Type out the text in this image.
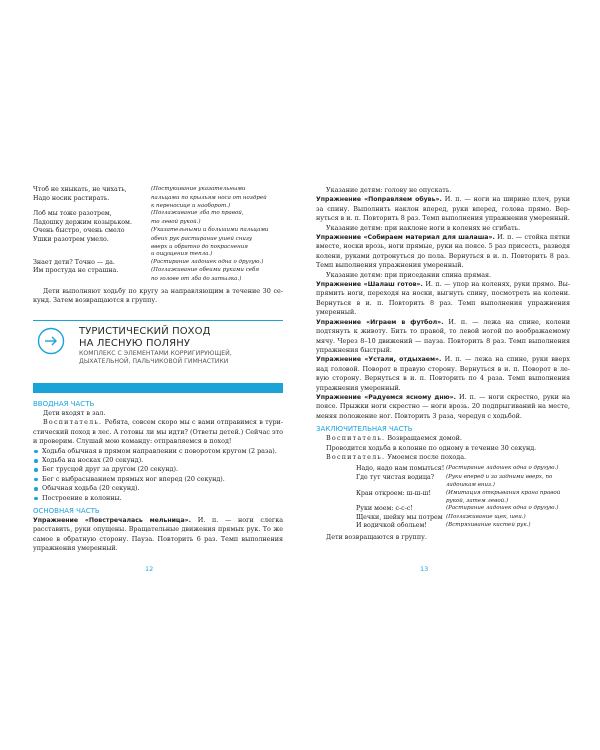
Чтоб не хныкать, не чихать,	(Постукивание указательными
Надо носик растирать.	пальцами по крыльям носа от ноздрей
к переносице и наоборот.)
Лоб мы тоже разотрем,	(Поглаживание лба то правой,
Ладошку держим козырьком.	то левой рукой.)
Очень быстро, очень смело	(Указательными и большими пальцами
Ушки разотрем умело.	обеих рук растирание ушей снизу
вверх и обратно до покраснения
и ощущения тепла.)
Знает дети? Точно — да.	(Растирание ладошек одна о другую.)
Им простуда не страшна.	(Поглаживание обеими руками себя
по голове от лба до затылка.)

Дети выполняют ходьбу по кругу за направляющим в течение 30 секунд. Затем возвращаются в группу.

ТУРИСТИЧЕСКИЙ ПОХОД
НА ЛЕСНУЮ ПОЛЯНУ
КОМПЛЕКС С ЭЛЕМЕНТАМИ КОРРИГИРУЮЩЕЙ,
ДЫХАТЕЛЬНОЙ, ПАЛЬЧИКОВОЙ ГИМНАСТИКИ
Методика проведения

ВВОДНАЯ ЧАСТЬ

Дети входят в зал.

Воспитатель. Ребята, совсем скоро мы с вами отправимся в туристический поход в лес. А готовы ли мы идти? (Ответы детей.) Сейчас это и проверим. Слушай мою команду: отправляемся в поход!

Ходьба обычная в прямом направлении с поворотом кругом (2 раза).
Ходьба на носках (20 секунд).
Бег трусцой друг за другом (20 секунд).
Бег с выбрасыванием прямых ног вперед (20 секунд).
Обычная ходьба (20 секунд).
Построение в колонны.

ОСНОВНАЯ ЧАСТЬ

Упражнение «Повстречалась мельница». И. п. — ноги слегка расставить, руки опущены. Вращательные движения прямых рук. То же самое в обратную сторону. Пауза. Повторить 6 раз. Темп выполнения упражнения умеренный.

12

Указание детям: голову не опускать.

Упражнение «Поправляем обувь». И. п. — ноги на ширине плеч, руки за спину. Выполнить наклон вперед, руки вперед, голова прямо. Вернуться в и. п. Повторить 8 раз. Темп выполнения упражнения умеренный.

Указание детям: при наклоне ноги в коленях не сгибать.

Упражнение «Собираем материал для шалаша». И. п. — стойка пятки вместе, носки врозь, ноги прямые, руки на поясе. 5 раз присесть, разводя колени, руками дотронуться до пола. Вернуться в и. п. Повторить 8 раз. Темп выполнения упражнения умеренный.

Указание детям: при приседании спина прямая.

Упражнение «Шалаш готов». И. п. — упор на коленях, руки прямо. Выпрямить ноги, переходя на носки, выгнуть спину, посмотреть на колени. Вернуться в и. п. Повторить 8 раз. Темп выполнения упражнения умеренный.

Упражнение «Играем в футбол». И. п. — лежа на спине, колени подтянуть к животу. Бить то правой, то левой ногой по воображаемому мячу. Через 8–10 движений — пауза. Повторить 8 раз. Темп выполнения упражнения быстрый.

Упражнение «Устали, отдыхаем». И. п. — лежа на спине, руки вверх над головой. Поворот в правую сторону. Вернуться в и. п. Поворот в левую сторону. Вернуться в и. п. Повторить по 4 раза. Темп выполнения упражнения умеренный.

Упражнение «Радуемся ясному дню». И. п. — ноги скрестно, руки на поясе. Прыжки ноги скрестно — ноги врозь. 20 подпрыгиваний на месте, меняя положение ног. Повторить 3 раза, чередуя с ходьбой.

ЗАКЛЮЧИТЕЛЬНАЯ ЧАСТЬ

Воспитатель. Возвращаемся домой.

Проводится ходьба в колонне по одному в течение 30 секунд.

Воспитатель. Умоемся после похода.

Надо, надо нам помыться! (Растирание ладошек одна о другую.)
Где тут чистая водица?	(Руки вперед и за задними вверх, по
ладошкам вниз.)
Кран откроем: ш-ш-ш!	(Имитация открывания крана правой
рукой, затем левой.)
Руки моем: с-с-с!	(Растирание ладошек одна о другую.)
Щечки, шейку мы потрем (Поглаживание щек, шеи.)
И водичкой обольем!	(Встряхивание кистей рук.)

Дети возвращаются в группу.

13
